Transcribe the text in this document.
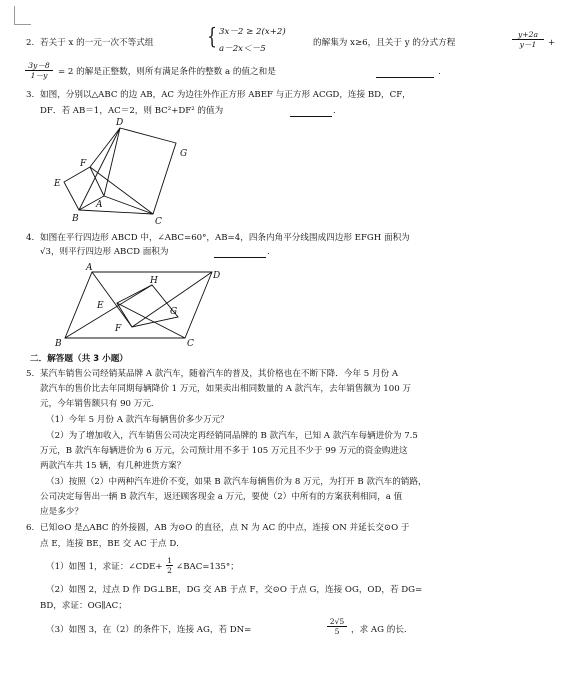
2. 若关于 x 的一元一次不等式组 { 3x－2 ≥ 2(x+2)
a－2x＜－5
的解集为 x≥6，且关于 y 的分式方程
y+2a
y－1	+
3y－8
1－y	= 2 的解是正整数，则所有满足条件的整数 a 的值之和是	.
3. 如图，分别以△ABC 的边 AB，AC 为边往外作正方形 ABEF 与正方形 ACGD，连接 BD，CF，
DF．若 AB＝1，AC＝2，则 BC²+DF² 的值为	.
D
G
F
E
A
B	C
A
H	D
E
G
F
B	C
4. 如图在平行四边形 ABCD 中，∠ABC=60°，AB=4，四条内角平分线围成四边形 EFGH 面积为
√3，则平行四边形 ABCD 面积为	.
二．解答题（共 3 小题）
5. 某汽车销售公司经销某品牌 A 款汽车，随着汽车的普及，其价格也在不断下降．今年 5 月份 A
款汽车的售价比去年同期每辆降价 1 万元，如果卖出相同数量的 A 款汽车，去年销售额为 100 万
元，今年销售额只有 90 万元．
（1）今年 5 月份 A 款汽车每辆售价多少万元？
（2）为了增加收入，汽车销售公司决定再经销同品牌的 B 款汽车，已知 A 款汽车每辆进价为 7.5
万元，B 款汽车每辆进价为 6 万元，公司预计用不多于 105 万元且不少于 99 万元的资金购进这
两款汽车共 15 辆，有几种进货方案？
（3）按照（2）中两种汽车进价不变，如果 B 款汽车每辆售价为 8 万元，为打开 B 款汽车的销路，
公司决定每售出一辆 B 款汽车，返还顾客现金 a 万元，要使（2）中所有的方案获利相同，a 值
应是多少？
6. 已知⊙O 是△ABC 的外接圆，AB 为⊙O 的直径，点 N 为 AC 的中点，连接 ON 并延长交⊙O 于
点 E，连接 BE，BE 交 AC 于点 D．
（1）如图 1，求证：∠CDE+
1
2 ∠BAC=135°；
（2）如图 2，过点 D 作 DG⊥BE，DG 交 AB 于点 F，交⊙O 于点 G，连接 OG，OD，若 DG=
BD，求证：OG∥AC；
（3）如图 3，在（2）的条件下，连接 AG，若 DN=
2√5
5	，求 AG 的长.
